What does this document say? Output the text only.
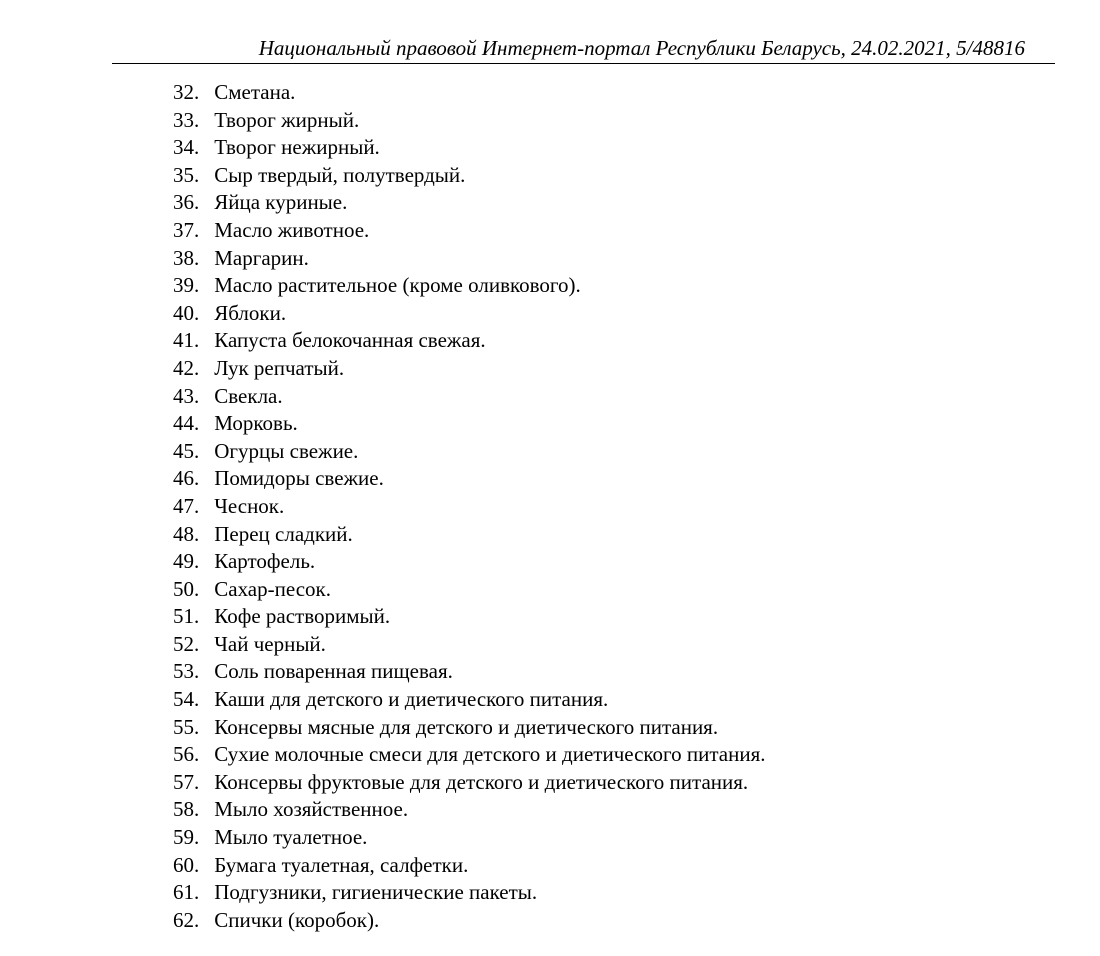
Национальный правовой Интернет-портал Республики Беларусь, 24.02.2021, 5/48816
32. Сметана.
33. Творог жирный.
34. Творог нежирный.
35. Сыр твердый, полутвердый.
36. Яйца куриные.
37. Масло животное.
38. Маргарин.
39. Масло растительное (кроме оливкового).
40. Яблоки.
41. Капуста белокочанная свежая.
42. Лук репчатый.
43. Свекла.
44. Морковь.
45. Огурцы свежие.
46. Помидоры свежие.
47. Чеснок.
48. Перец сладкий.
49. Картофель.
50. Сахар-песок.
51. Кофе растворимый.
52. Чай черный.
53. Соль поваренная пищевая.
54. Каши для детского и диетического питания.
55. Консервы мясные для детского и диетического питания.
56. Сухие молочные смеси для детского и диетического питания.
57. Консервы фруктовые для детского и диетического питания.
58. Мыло хозяйственное.
59. Мыло туалетное.
60. Бумага туалетная, салфетки.
61. Подгузники, гигиенические пакеты.
62. Спички (коробок).
